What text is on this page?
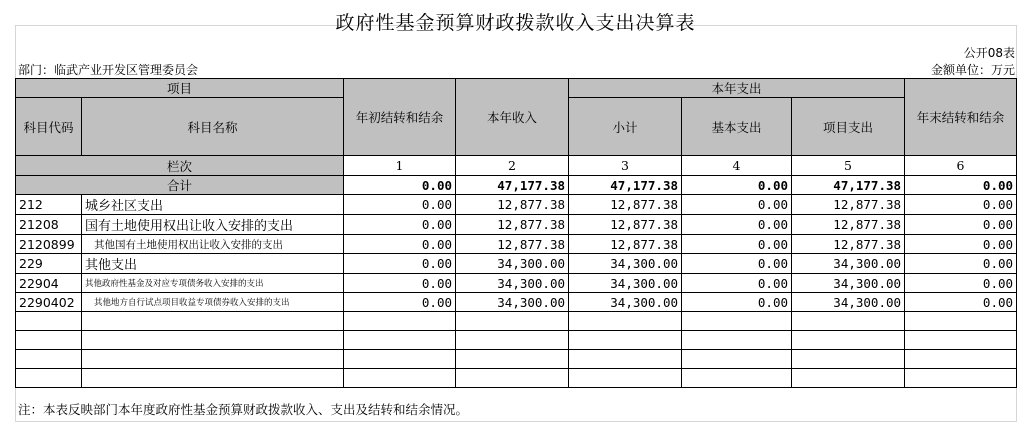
政府性基金预算财政拨款收入支出决算表
公开08表
部门：临武产业开发区管理委员会	金额单位：万元
项目		年初结转和结余	本年收入	本年支出			年末结转和结余
科目代码	科目名称			小计	基本支出	项目支出	
栏次		1	2	3	4	5	6
合计		0.00	47,177.38	47,177.38	0.00	47,177.38	0.00
212	城乡社区支出	0.00	12,877.38	12,877.38	0.00	12,877.38	0.00
21208	国有土地使用权出让收入安排的支出	0.00	12,877.38	12,877.38	0.00	12,877.38	0.00
2120899	其他国有土地使用权出让收入安排的支出	0.00	12,877.38	12,877.38	0.00	12,877.38	0.00
229	其他支出	0.00	34,300.00	34,300.00	0.00	34,300.00	0.00
22904	其他政府性基金及对应专项债务收入安排的支出	0.00	34,300.00	34,300.00	0.00	34,300.00	0.00
2290402	其他地方自行试点项目收益专项债券收入安排的支出	0.00	34,300.00	34,300.00	0.00	34,300.00	0.00

注：本表反映部门本年度政府性基金预算财政拨款收入、支出及结转和结余情况。
